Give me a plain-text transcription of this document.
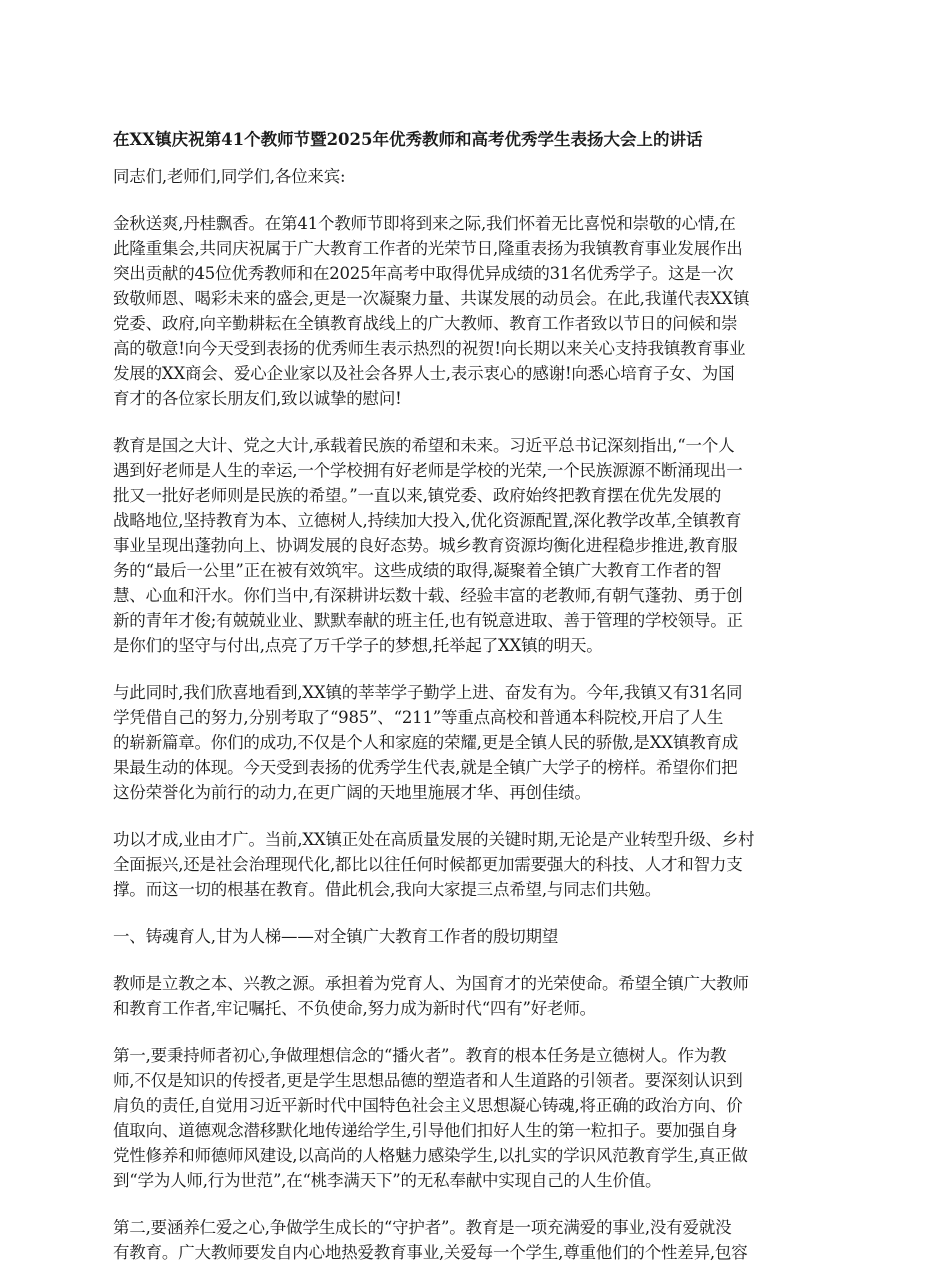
在XX镇庆祝第41个教师节暨2025年优秀教师和高考优秀学生表扬大会上的讲话
同志们,老师们,同学们,各位来宾:
金秋送爽,丹桂飘香。在第41个教师节即将到来之际,我们怀着无比喜悦和崇敬的心情,在
此隆重集会,共同庆祝属于广大教育工作者的光荣节日,隆重表扬为我镇教育事业发展作出
突出贡献的45位优秀教师和在2025年高考中取得优异成绩的31名优秀学子。这是一次
致敬师恩、喝彩未来的盛会,更是一次凝聚力量、共谋发展的动员会。在此,我谨代表XX镇
党委、政府,向辛勤耕耘在全镇教育战线上的广大教师、教育工作者致以节日的问候和崇
高的敬意!向今天受到表扬的优秀师生表示热烈的祝贺!向长期以来关心支持我镇教育事业
发展的XX商会、爱心企业家以及社会各界人士,表示衷心的感谢!向悉心培育子女、为国
育才的各位家长朋友们,致以诚挚的慰问!
教育是国之大计、党之大计,承载着民族的希望和未来。习近平总书记深刻指出,“一个人
遇到好老师是人生的幸运,一个学校拥有好老师是学校的光荣,一个民族源源不断涌现出一
批又一批好老师则是民族的希望。”一直以来,镇党委、政府始终把教育摆在优先发展的
战略地位,坚持教育为本、立德树人,持续加大投入,优化资源配置,深化教学改革,全镇教育
事业呈现出蓬勃向上、协调发展的良好态势。城乡教育资源均衡化进程稳步推进,教育服
务的“最后一公里”正在被有效筑牢。这些成绩的取得,凝聚着全镇广大教育工作者的智
慧、心血和汗水。你们当中,有深耕讲坛数十载、经验丰富的老教师,有朝气蓬勃、勇于创
新的青年才俊;有兢兢业业、默默奉献的班主任,也有锐意进取、善于管理的学校领导。正
是你们的坚守与付出,点亮了万千学子的梦想,托举起了XX镇的明天。
与此同时,我们欣喜地看到,XX镇的莘莘学子勤学上进、奋发有为。今年,我镇又有31名同
学凭借自己的努力,分别考取了“985”、“211”等重点高校和普通本科院校,开启了人生
的崭新篇章。你们的成功,不仅是个人和家庭的荣耀,更是全镇人民的骄傲,是XX镇教育成
果最生动的体现。今天受到表扬的优秀学生代表,就是全镇广大学子的榜样。希望你们把
这份荣誉化为前行的动力,在更广阔的天地里施展才华、再创佳绩。
功以才成,业由才广。当前,XX镇正处在高质量发展的关键时期,无论是产业转型升级、乡村
全面振兴,还是社会治理现代化,都比以往任何时候都更加需要强大的科技、人才和智力支
撑。而这一切的根基在教育。借此机会,我向大家提三点希望,与同志们共勉。
一、铸魂育人,甘为人梯——对全镇广大教育工作者的殷切期望
教师是立教之本、兴教之源。承担着为党育人、为国育才的光荣使命。希望全镇广大教师
和教育工作者,牢记嘱托、不负使命,努力成为新时代“四有”好老师。
第一,要秉持师者初心,争做理想信念的“播火者”。教育的根本任务是立德树人。作为教
师,不仅是知识的传授者,更是学生思想品德的塑造者和人生道路的引领者。要深刻认识到
肩负的责任,自觉用习近平新时代中国特色社会主义思想凝心铸魂,将正确的政治方向、价
值取向、道德观念潜移默化地传递给学生,引导他们扣好人生的第一粒扣子。要加强自身
党性修养和师德师风建设,以高尚的人格魅力感染学生,以扎实的学识风范教育学生,真正做
到“学为人师,行为世范”,在“桃李满天下”的无私奉献中实现自己的人生价值。
第二,要涵养仁爱之心,争做学生成长的“守护者”。教育是一项充满爱的事业,没有爱就没
有教育。广大教师要发自内心地热爱教育事业,关爱每一个学生,尊重他们的个性差异,包容
